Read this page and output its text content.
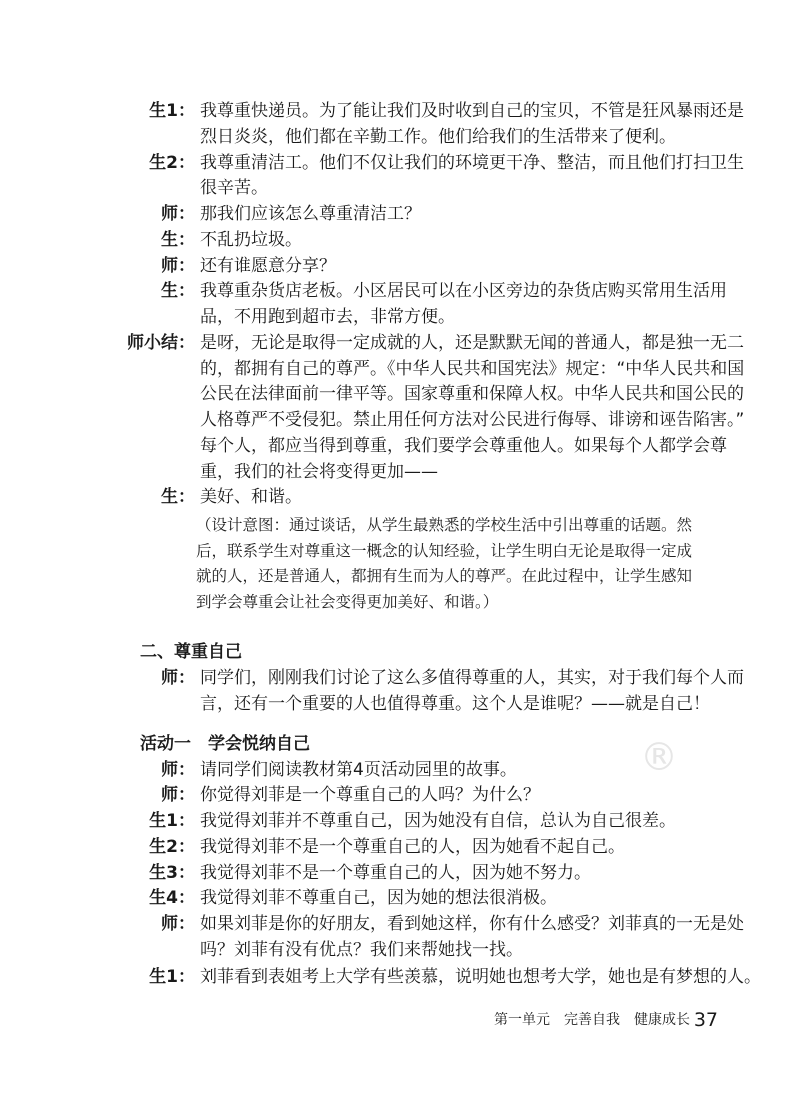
生1： 我尊重快递员。为了能让我们及时收到自己的宝贝，不管是狂风暴雨还是
烈日炎炎，他们都在辛勤工作。他们给我们的生活带来了便利。
生2： 我尊重清洁工。他们不仅让我们的环境更干净、整洁，而且他们打扫卫生
很辛苦。
师： 那我们应该怎么尊重清洁工？
生： 不乱扔垃圾。
师： 还有谁愿意分享？
生： 我尊重杂货店老板。小区居民可以在小区旁边的杂货店购买常用生活用
品，不用跑到超市去，非常方便。
师小结： 是呀，无论是取得一定成就的人，还是默默无闻的普通人，都是独一无二
的，都拥有自己的尊严。《中华人民共和国宪法》规定：“中华人民共和国
公民在法律面前一律平等。国家尊重和保障人权。中华人民共和国公民的
人格尊严不受侵犯。禁止用任何方法对公民进行侮辱、诽谤和诬告陷害。”
每个人，都应当得到尊重，我们要学会尊重他人。如果每个人都学会尊
重，我们的社会将变得更加——
生： 美好、和谐。
（设计意图：通过谈话，从学生最熟悉的学校生活中引出尊重的话题。然
后，联系学生对尊重这一概念的认知经验，让学生明白无论是取得一定成
就的人，还是普通人，都拥有生而为人的尊严。在此过程中，让学生感知
到学会尊重会让社会变得更加美好、和谐。）
二、尊重自己
师： 同学们，刚刚我们讨论了这么多值得尊重的人，其实，对于我们每个人而
言，还有一个重要的人也值得尊重。这个人是谁呢？——就是自己！
活动一　学会悦纳自己
师： 请同学们阅读教材第4页活动园里的故事。
师： 你觉得刘菲是一个尊重自己的人吗？为什么？
生1： 我觉得刘菲并不尊重自己，因为她没有自信，总认为自己很差。
生2： 我觉得刘菲不是一个尊重自己的人，因为她看不起自己。
生3： 我觉得刘菲不是一个尊重自己的人，因为她不努力。
生4： 我觉得刘菲不尊重自己，因为她的想法很消极。
师： 如果刘菲是你的好朋友，看到她这样，你有什么感受？刘菲真的一无是处
吗？刘菲有没有优点？我们来帮她找一找。
生1： 刘菲看到表姐考上大学有些羡慕，说明她也想考大学，她也是有梦想的人。
第一单元　完善自我　健康成长 37
®
